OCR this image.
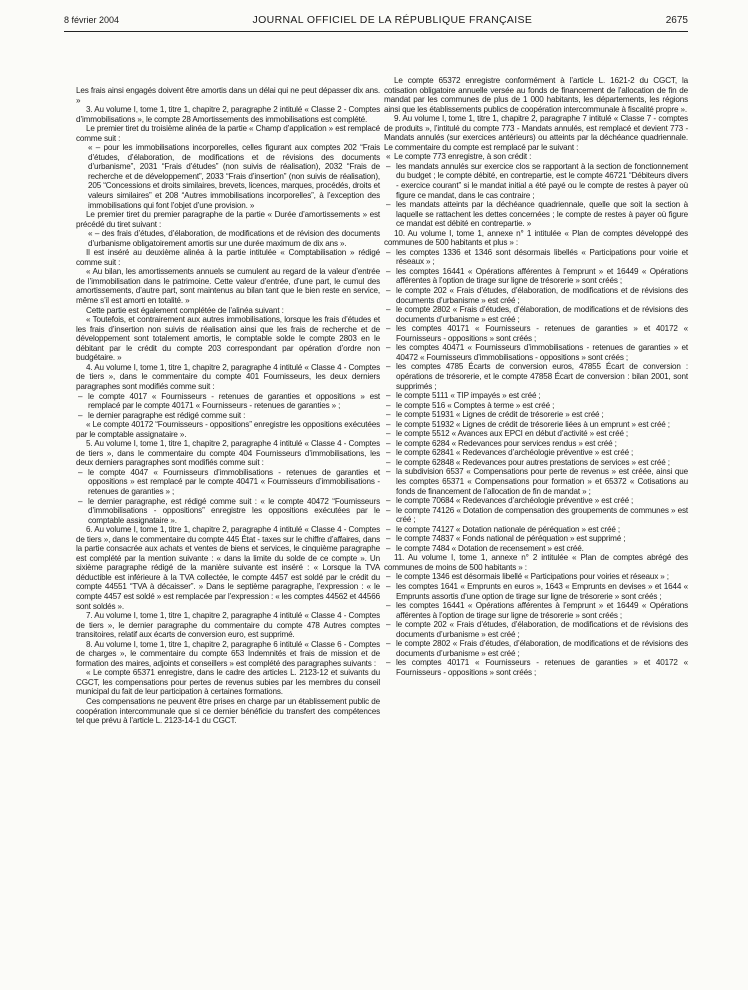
8 février 2004	JOURNAL OFFICIEL DE LA RÉPUBLIQUE FRANÇAISE	2675

Les frais ainsi engagés doivent être amortis dans un délai qui ne peut dépasser dix ans. »

3. Au volume I, tome 1, titre 1, chapitre 2, paragraphe 2 intitulé « Classe 2 - Comptes d’immobilisations », le compte 28 Amortissements des immobilisations est complété.

Le premier tiret du troisième alinéa de la partie « Champ d’application » est remplacé comme suit :

« – pour les immobilisations incorporelles, celles figurant aux comptes 202 “Frais d’études, d’élaboration, de modifications et de révisions des documents d’urbanisme”, 2031 “Frais d’études” (non suivis de réalisation), 2032 “Frais de recherche et de développement”, 2033 “Frais d’insertion” (non suivis de réalisation), 205 “Concessions et droits similaires, brevets, licences, marques, procédés, droits et valeurs similaires” et 208 “Autres immobilisations incorporelles”, à l’exception des immobilisations qui font l’objet d’une provision. »

Le premier tiret du premier paragraphe de la partie « Durée d’amortissements » est précédé du tiret suivant :

« – des frais d’études, d’élaboration, de modifications et de révision des documents d’urbanisme obligatoirement amortis sur une durée maximum de dix ans ».

Il est inséré au deuxième alinéa à la partie intitulée « Comptabilisation » rédigé comme suit :

« Au bilan, les amortissements annuels se cumulent au regard de la valeur d’entrée de l’immobilisation dans le patrimoine. Cette valeur d’entrée, d’une part, le cumul des amortissements, d’autre part, sont maintenus au bilan tant que le bien reste en service, même s’il est amorti en totalité. »

Cette partie est également complétée de l’alinéa suivant :

« Toutefois, et contrairement aux autres immobilisations, lorsque les frais d’études et les frais d’insertion non suivis de réalisation ainsi que les frais de recherche et de développement sont totalement amortis, le comptable solde le compte 2803 en le débitant par le crédit du compte 203 correspondant par opération d’ordre non budgétaire. »

4. Au volume I, tome 1, titre 1, chapitre 2, paragraphe 4 intitulé « Classe 4 - Comptes de tiers », dans le commentaire du compte 401 Fournisseurs, les deux derniers paragraphes sont modifiés comme suit :

– le compte 4017 « Fournisseurs - retenues de garanties et oppositions » est remplacé par le compte 40171 « Fournisseurs - retenues de garanties » ;

– le dernier paragraphe est rédigé comme suit :

« Le compte 40172 “Fournisseurs - oppositions” enregistre les oppositions exécutées par le comptable assignataire ».

5. Au volume I, tome 1, titre 1, chapitre 2, paragraphe 4 intitulé « Classe 4 - Comptes de tiers », dans le commentaire du compte 404 Fournisseurs d’immobilisations, les deux derniers paragraphes sont modifiés comme suit :

– le compte 4047 « Fournisseurs d’immobilisations - retenues de garanties et oppositions » est remplacé par le compte 40471 « Fournisseurs d’immobilisations - retenues de garanties » ;

– le dernier paragraphe, est rédigé comme suit : « le compte 40472 “Fournisseurs d’immobilisations - oppositions” enregistre les oppositions exécutées par le comptable assignataire ».

6. Au volume I, tome 1, titre 1, chapitre 2, paragraphe 4 intitulé « Classe 4 - Comptes de tiers », dans le commentaire du compte 445 État - taxes sur le chiffre d’affaires, dans la partie consacrée aux achats et ventes de biens et services, le cinquième paragraphe est complété par la mention suivante : « dans la limite du solde de ce compte ». Un sixième paragraphe rédigé de la manière suivante est inséré : « Lorsque la TVA déductible est inférieure à la TVA collectée, le compte 4457 est soldé par le crédit du compte 44551 “TVA à décaisser”. » Dans le septième paragraphe, l’expression : « le compte 4457 est soldé » est remplacée par l’expression : « les comptes 44562 et 44566 sont soldés ».

7. Au volume I, tome 1, titre 1, chapitre 2, paragraphe 4 intitulé « Classe 4 - Comptes de tiers », le dernier paragraphe du commentaire du compte 478 Autres comptes transitoires, relatif aux écarts de conversion euro, est supprimé.

8. Au volume I, tome 1, titre 1, chapitre 2, paragraphe 6 intitulé « Classe 6 - Comptes de charges », le commentaire du compte 653 Indemnités et frais de mission et de formation des maires, adjoints et conseillers » est complété des paragraphes suivants :

« Le compte 65371 enregistre, dans le cadre des articles L. 2123-12 et suivants du CGCT, les compensations pour pertes de revenus subies par les membres du conseil municipal du fait de leur participation à certaines formations.

Ces compensations ne peuvent être prises en charge par un établissement public de coopération intercommunale que si ce dernier bénéficie du transfert des compétences tel que prévu à l’article L. 2123-14-1 du CGCT.

Le compte 65372 enregistre conformément à l’article L. 1621-2 du CGCT, la cotisation obligatoire annuelle versée au fonds de financement de l’allocation de fin de mandat par les communes de plus de 1 000 habitants, les départements, les régions ainsi que les établissements publics de coopération intercommunale à fiscalité propre ».

9. Au volume I, tome 1, titre 1, chapitre 2, paragraphe 7 intitulé « Classe 7 - comptes de produits », l’intitulé du compte 773 - Mandats annulés, est remplacé et devient 773 - Mandats annulés (sur exercices antérieurs) ou atteints par la déchéance quadriennale. Le commentaire du compte est remplacé par le suivant :

« Le compte 773 enregistre, à son crédit :

– les mandats annulés sur exercice clos se rapportant à la section de fonctionnement du budget ; le compte débité, en contrepartie, est le compte 46721 “Débiteurs divers - exercice courant” si le mandat initial a été payé ou le compte de restes à payer où figure ce mandat, dans le cas contraire ;

– les mandats atteints par la déchéance quadriennale, quelle que soit la section à laquelle se rattachent les dettes concernées ; le compte de restes à payer où figure ce mandat est débité en contrepartie. »

10. Au volume I, tome 1, annexe n° 1 intitulée « Plan de comptes développé des communes de 500 habitants et plus » :

– les comptes 1336 et 1346 sont désormais libellés « Participations pour voirie et réseaux » ;

– les comptes 16441 « Opérations afférentes à l’emprunt » et 16449 « Opérations afférentes à l’option de tirage sur ligne de trésorerie » sont créés ;

– le compte 202 « Frais d’études, d’élaboration, de modifications et de révisions des documents d’urbanisme » est créé ;

– le compte 2802 « Frais d’études, d’élaboration, de modifications et de révisions des documents d’urbanisme » est créé ;

– les comptes 40171 « Fournisseurs - retenues de garanties » et 40172 « Fournisseurs - oppositions » sont créés ;

– les comptes 40471 « Fournisseurs d’immobilisations - retenues de garanties » et 40472 « Fournisseurs d’immobilisations - oppositions » sont créés ;

– les comptes 4785 Écarts de conversion euros, 47855 Écart de conversion : opérations de trésorerie, et le compte 47858 Écart de conversion : bilan 2001, sont supprimés ;

– le compte 5111 « TIP impayés » est créé ;

– le compte 516 « Comptes à terme » est créé ;

– le compte 51931 « Lignes de crédit de trésorerie » est créé ;

– le compte 51932 « Lignes de crédit de trésorerie liées à un emprunt » est créé ;

– le compte 5512 « Avances aux EPCI en début d’activité » est créé ;

– le compte 6284 « Redevances pour services rendus » est créé ;

– le compte 62841 « Redevances d’archéologie préventive » est créé ;

– le compte 62848 « Redevances pour autres prestations de services » est créé ;

– la subdivision 6537 « Compensations pour perte de revenus » est créée, ainsi que les comptes 65371 « Compensations pour formation » et 65372 « Cotisations au fonds de financement de l’allocation de fin de mandat » ;

– le compte 70684 « Redevances d’archéologie préventive » est créé ;

– le compte 74126 « Dotation de compensation des groupements de communes » est créé ;

– le compte 74127 « Dotation nationale de péréquation » est créé ;

– le compte 74837 « Fonds national de péréquation » est supprimé ;

– le compte 7484 « Dotation de recensement » est créé.

11. Au volume I, tome 1, annexe n° 2 intitulée « Plan de comptes abrégé des communes de moins de 500 habitants » :

– le compte 1346 est désormais libellé « Participations pour voiries et réseaux » ;

– les comptes 1641 « Emprunts en euros », 1643 « Emprunts en devises » et 1644 « Emprunts assortis d’une option de tirage sur ligne de trésorerie » sont créés ;

– les comptes 16441 « Opérations afférentes à l’emprunt » et 16449 « Opérations afférentes à l’option de tirage sur ligne de trésorerie » sont créés ;

– le compte 202 « Frais d’études, d’élaboration, de modifications et de révisions des documents d’urbanisme » est créé ;

– le compte 2802 « Frais d’études, d’élaboration, de modifications et de révisions des documents d’urbanisme » est créé ;

– les comptes 40171 « Fournisseurs - retenues de garanties » et 40172 « Fournisseurs - oppositions » sont créés ;
